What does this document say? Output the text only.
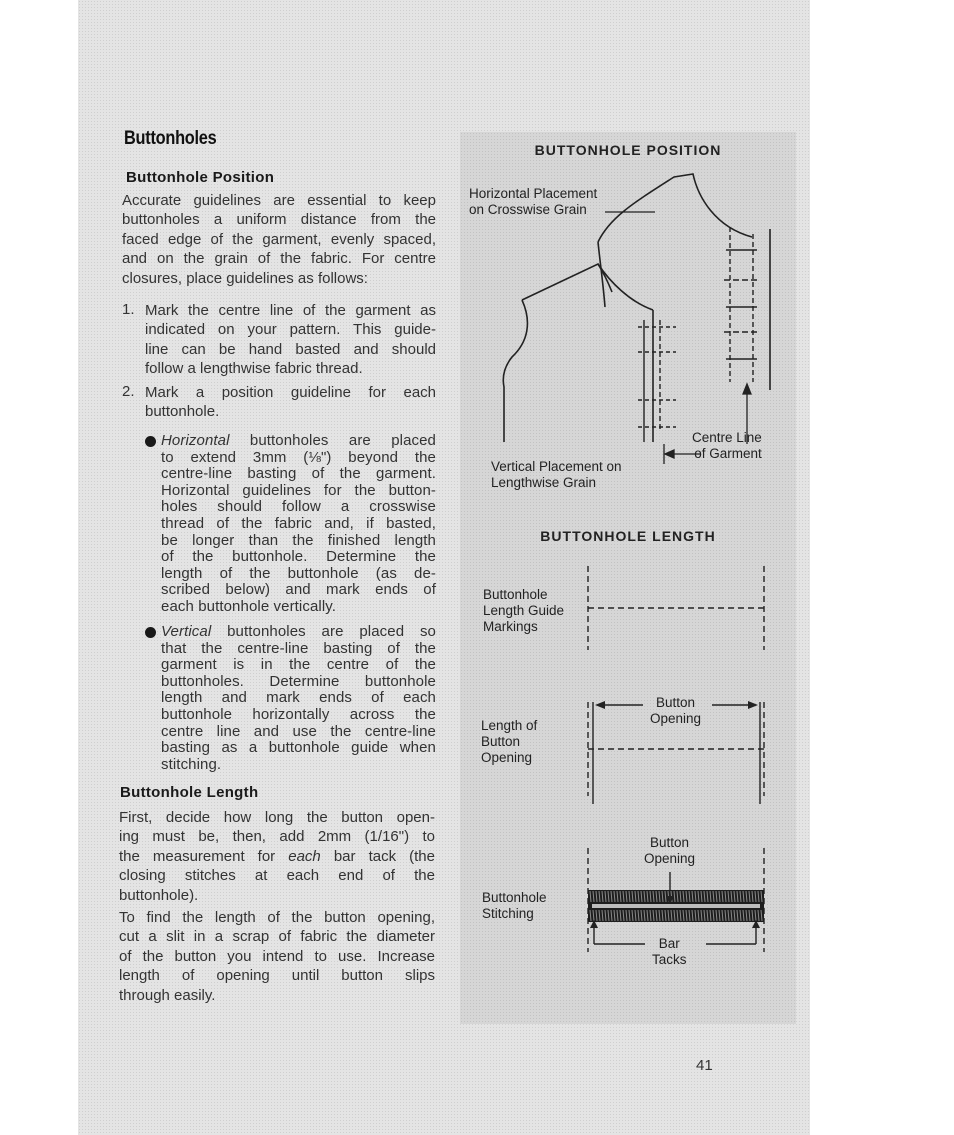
Buttonholes

Buttonhole Position

Accurate guidelines are essential to keep
buttonholes a uniform distance from the
faced edge of the garment, evenly spaced,
and on the grain of the fabric. For centre
closures, place guidelines as follows:
1. Mark the centre line of the garment as
indicated on your pattern. This guide-
line can be hand basted and should
follow a lengthwise fabric thread.
2. Mark a position guideline for each
buttonhole.
Horizontal buttonholes are placed
to extend 3mm (⅛") beyond the
centre-line basting of the garment.
Horizontal guidelines for the button-
holes should follow a crosswise
thread of the fabric and, if basted,
be longer than the finished length
of the buttonhole. Determine the
length of the buttonhole (as de-
scribed below) and mark ends of
each buttonhole vertically.
Vertical buttonholes are placed so
that the centre-line basting of the
garment is in the centre of the
buttonholes. Determine buttonhole
length and mark ends of each
buttonhole horizontally across the
centre line and use the centre-line
basting as a buttonhole guide when
stitching.

Buttonhole Length

First, decide how long the button open-
ing must be, then, add 2mm (1/16") to
the measurement for each bar tack (the
closing stitches at each end of the
buttonhole).
To find the length of the button opening,
cut a slit in a scrap of fabric the diameter
of the button you intend to use. Increase
length of opening until button slips
through easily.

BUTTONHOLE POSITION

BUTTONHOLE LENGTH

Horizontal Placement
on Crosswise Grain

Vertical Placement on
Lengthwise Grain

Centre Line
of Garment

Buttonhole
Length Guide
Markings

Button
Opening

Length of
Button
Opening

Button
Opening

Buttonhole
Stitching

Bar
Tacks

41
